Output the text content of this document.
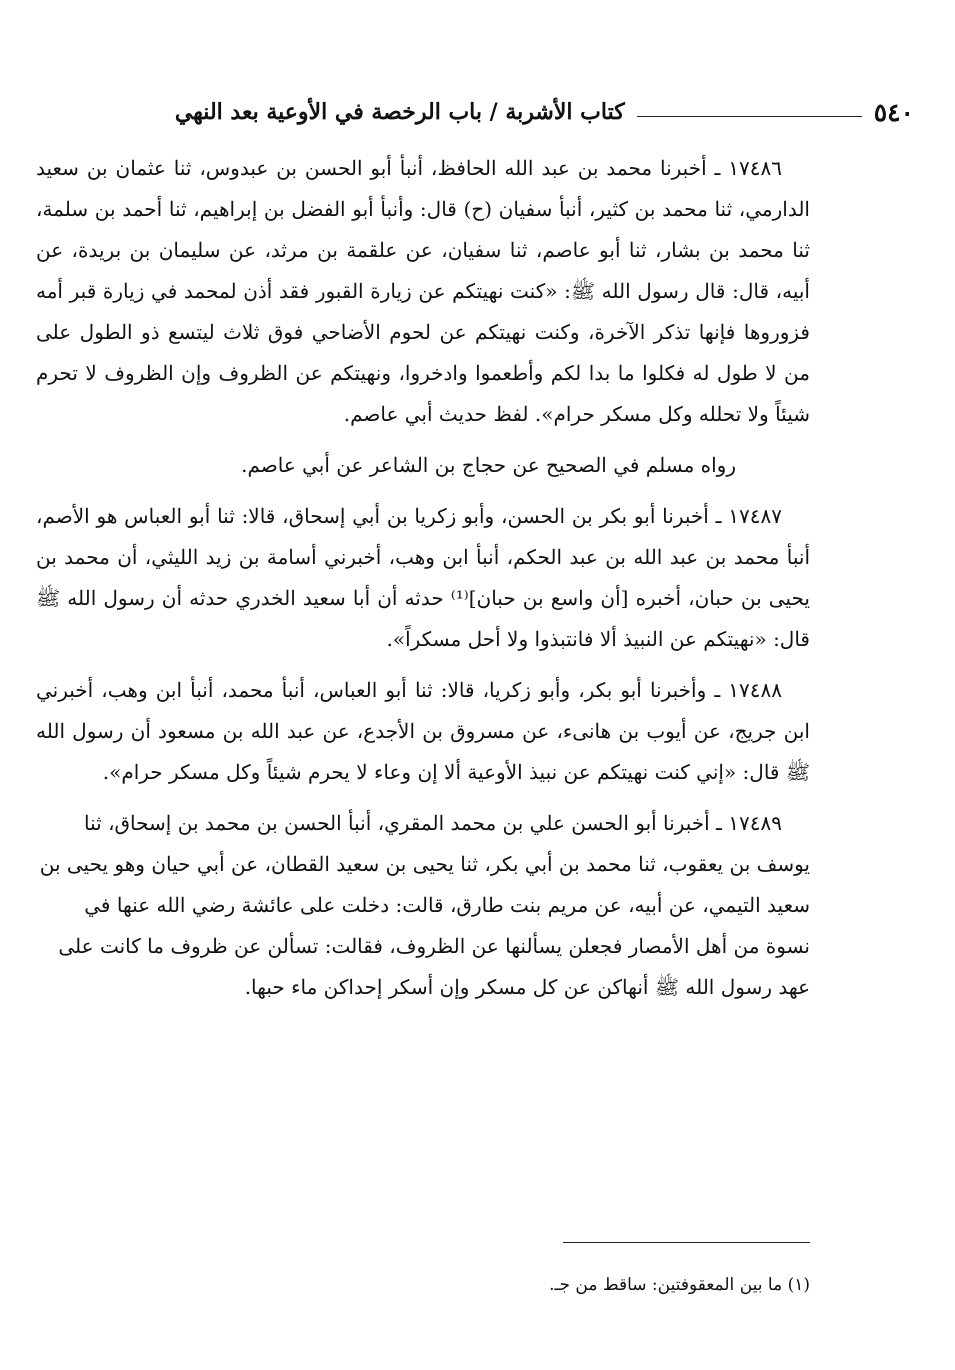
٥٤٠
كتاب الأشربة / باب الرخصة في الأوعية بعد النهي

١٧٤٨٦ ـ أخبرنا محمد بن عبد الله الحافظ، أنبأ أبو الحسن بن عبدوس، ثنا عثمان بن سعيد الدارمي، ثنا محمد بن كثير، أنبأ سفيان (ح) قال: وأنبأ أبو الفضل بن إبراهيم، ثنا أحمد بن سلمة، ثنا محمد بن بشار، ثنا أبو عاصم، ثنا سفيان، عن علقمة بن مرثد، عن سليمان بن بريدة، عن أبيه، قال: قال رسول الله ﷺ: «كنت نهيتكم عن زيارة القبور فقد أذن لمحمد في زيارة قبر أمه فزوروها فإنها تذكر الآخرة، وكنت نهيتكم عن لحوم الأضاحي فوق ثلاث ليتسع ذو الطول على من لا طول له فكلوا ما بدا لكم وأطعموا وادخروا، ونهيتكم عن الظروف وإن الظروف لا تحرم شيئاً ولا تحلله وكل مسكر حرام». لفظ حديث أبي عاصم.

رواه مسلم في الصحيح عن حجاج بن الشاعر عن أبي عاصم.

١٧٤٨٧ ـ أخبرنا أبو بكر بن الحسن، وأبو زكريا بن أبي إسحاق، قالا: ثنا أبو العباس هو الأصم، أنبأ محمد بن عبد الله بن عبد الحكم، أنبأ ابن وهب، أخبرني أسامة بن زيد الليثي، أن محمد بن يحيى بن حبان، أخبره [أن واسع بن حبان]⁽¹⁾ حدثه أن أبا سعيد الخدري حدثه أن رسول الله ﷺ قال: «نهيتكم عن النبيذ ألا فانتبذوا ولا أحل مسكراً».

١٧٤٨٨ ـ وأخبرنا أبو بكر، وأبو زكريا، قالا: ثنا أبو العباس، أنبأ محمد، أنبأ ابن وهب، أخبرني ابن جريج، عن أيوب بن هانىء، عن مسروق بن الأجدع، عن عبد الله بن مسعود أن رسول الله ﷺ قال: «إني كنت نهيتكم عن نبيذ الأوعية ألا إن وعاء لا يحرم شيئاً وكل مسكر حرام».

١٧٤٨٩ ـ أخبرنا أبو الحسن علي بن محمد المقري، أنبأ الحسن بن محمد بن إسحاق، ثنا يوسف بن يعقوب، ثنا محمد بن أبي بكر، ثنا يحيى بن سعيد القطان، عن أبي حيان وهو يحيى بن سعيد التيمي، عن أبيه، عن مريم بنت طارق، قالت: دخلت على عائشة رضي الله عنها في نسوة من أهل الأمصار فجعلن يسألنها عن الظروف، فقالت: تسألن عن ظروف ما كانت على عهد رسول الله ﷺ أنهاكن عن كل مسكر وإن أسكر إحداكن ماء حبها.

(١) ما بين المعقوفتين: ساقط من جـ.
